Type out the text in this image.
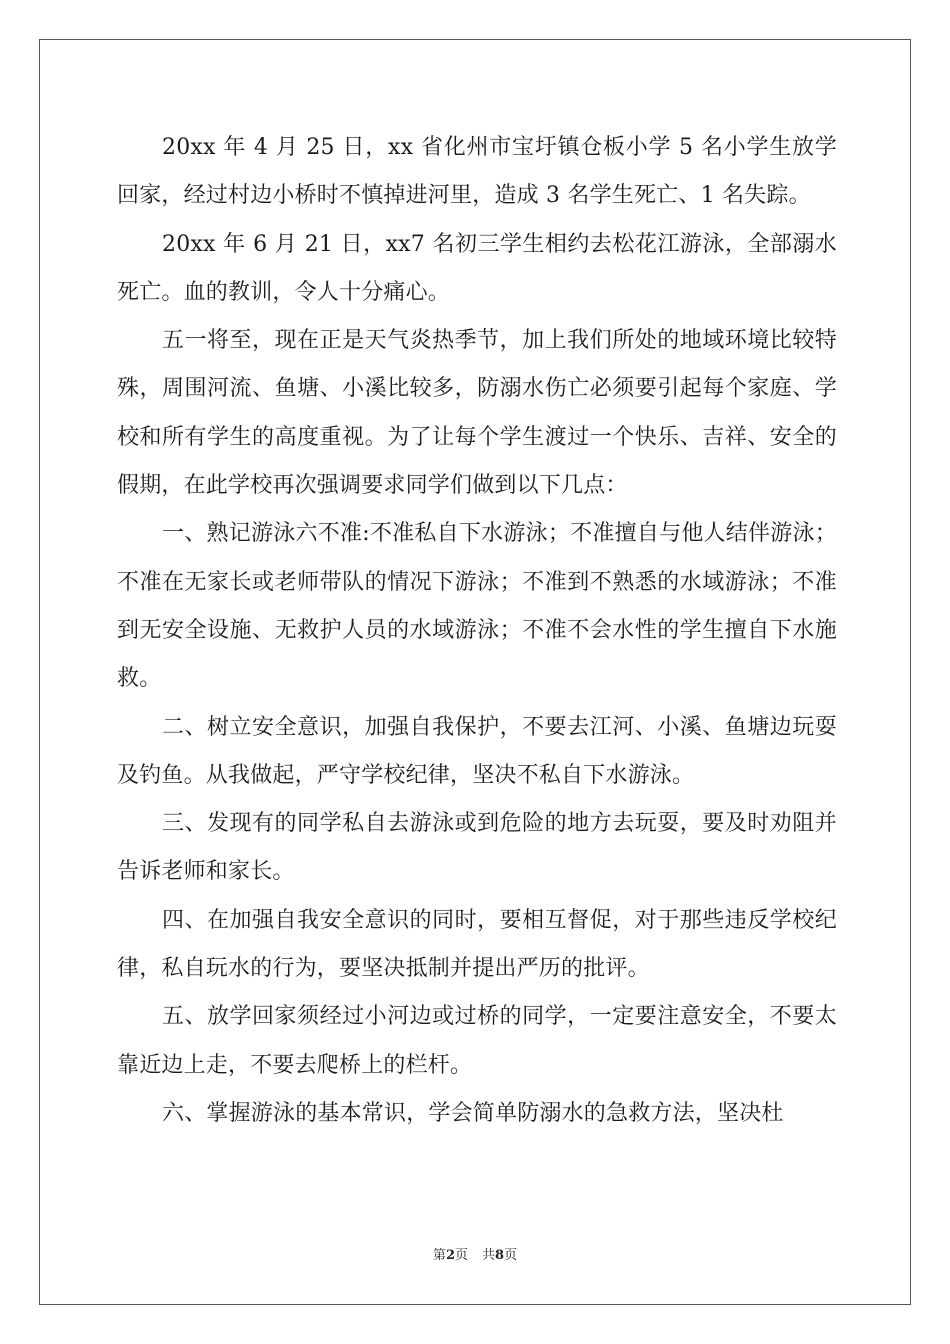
20xx 年 4 月 25 日，xx 省化州市宝圩镇仓板小学 5 名小学生放学回家，经过村边小桥时不慎掉进河里，造成 3 名学生死亡、1 名失踪。

20xx 年 6 月 21 日，xx7 名初三学生相约去松花江游泳，全部溺水死亡。血的教训，令人十分痛心。

五一将至，现在正是天气炎热季节，加上我们所处的地域环境比较特殊，周围河流、鱼塘、小溪比较多，防溺水伤亡必须要引起每个家庭、学校和所有学生的高度重视。为了让每个学生渡过一个快乐、吉祥、安全的假期，在此学校再次强调要求同学们做到以下几点：

一、熟记游泳六不准:不准私自下水游泳；不准擅自与他人结伴游泳；不准在无家长或老师带队的情况下游泳；不准到不熟悉的水域游泳；不准到无安全设施、无救护人员的水域游泳；不准不会水性的学生擅自下水施救。

二、树立安全意识，加强自我保护，不要去江河、小溪、鱼塘边玩耍及钓鱼。从我做起，严守学校纪律，坚决不私自下水游泳。

三、发现有的同学私自去游泳或到危险的地方去玩耍，要及时劝阻并告诉老师和家长。

四、在加强自我安全意识的同时，要相互督促，对于那些违反学校纪律，私自玩水的行为，要坚决抵制并提出严历的批评。

五、放学回家须经过小河边或过桥的同学，一定要注意安全，不要太靠近边上走，不要去爬桥上的栏杆。

六、掌握游泳的基本常识，学会简单防溺水的急救方法，坚决杜

第2页 共8页
